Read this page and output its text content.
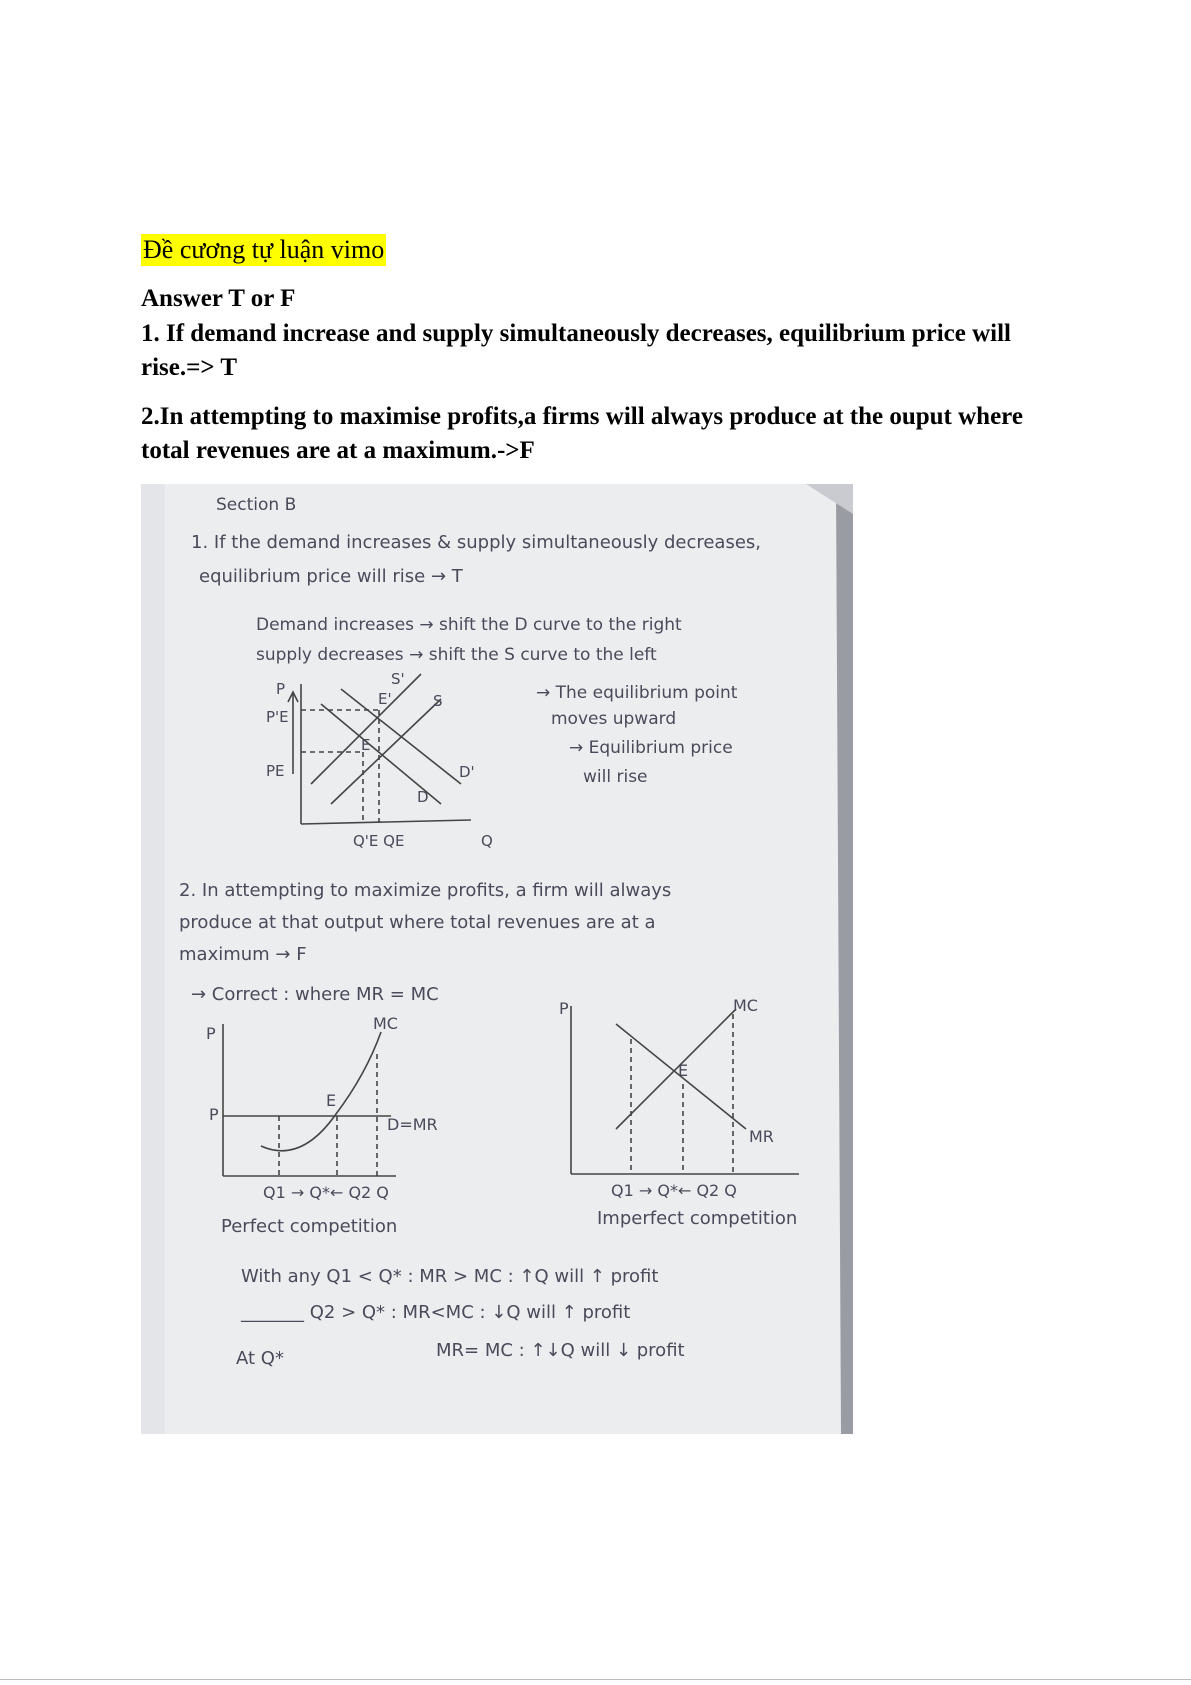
Đề cương tự luận vimo
Answer T or F
1. If demand increase and supply simultaneously decreases, equilibrium price will rise.=> T
2.In attempting to maximise profits,a firms will always produce at the ouput where total revenues are at a maximum.->F
Section B
1. If the demand increases & supply simultaneously decreases,
equilibrium price will rise → T
Demand increases → shift the D curve to the right
supply decreases → shift the S curve to the left
→ The equilibrium point
moves upward
→ Equilibrium price
will rise
P
P'E
PE
S'
S
D'
D
E'
E
Q'E QE	Q
2. In attempting to maximize profits, a firm will always
produce at that output where total revenues are at a
maximum → F
→ Correct : where MR = MC
P
MC
E
D=MR
P
Q1 → Q*← Q2 Q
Perfect competition
P	MC
E
MR
Q1 → Q*← Q2 Q
Imperfect competition
With any Q1 < Q* : MR > MC : ↑Q will ↑ profit
_______ Q2 > Q* : MR<MC : ↓Q will ↑ profit
At Q*	MR= MC : ↑↓Q will ↓ profit
